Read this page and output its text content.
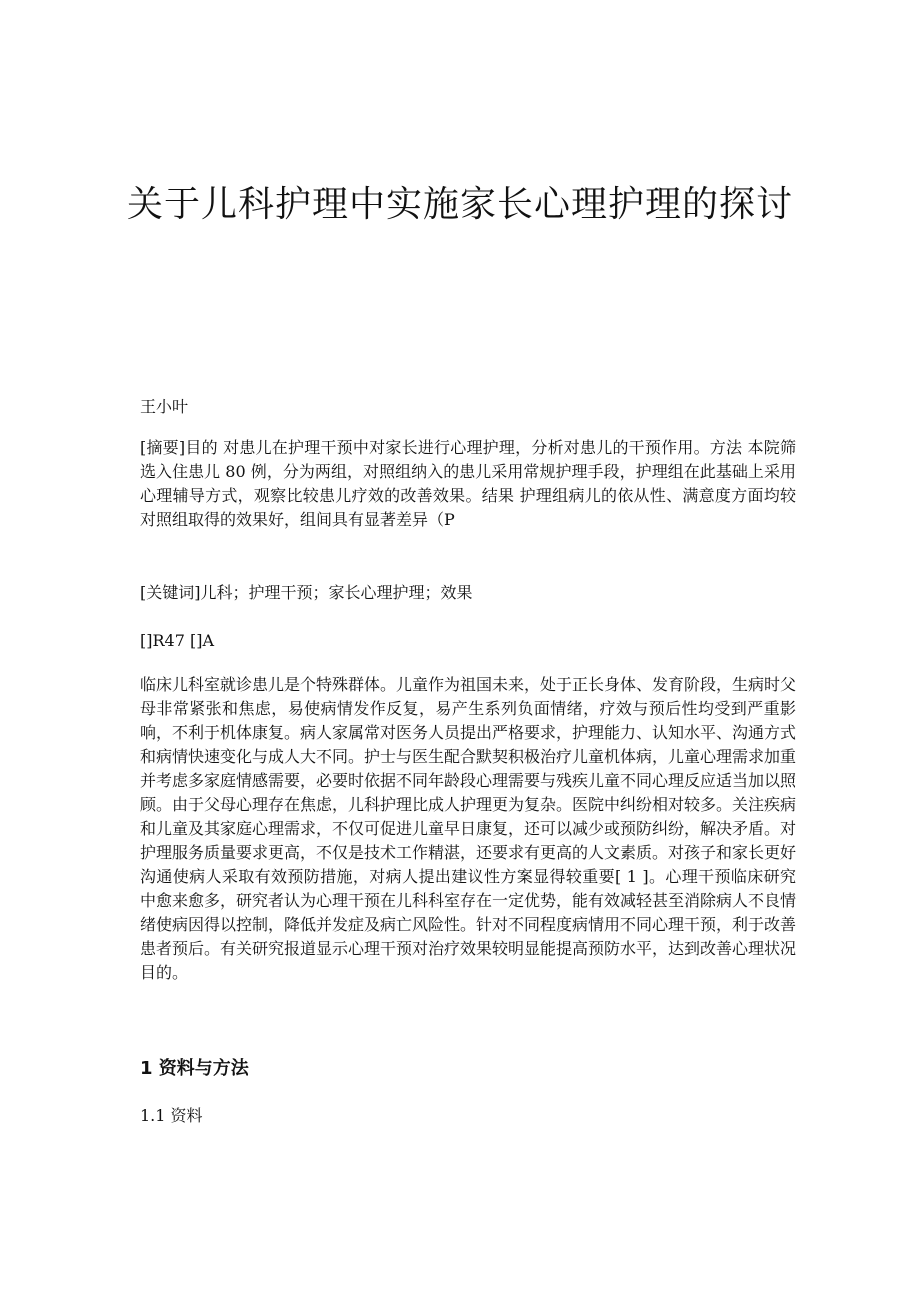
关于儿科护理中实施家长心理护理的探讨

王小叶

[摘要]目的 对患儿在护理干预中对家长进行心理护理，分析对患儿的干预作用。方法 本院筛选入住患儿 80 例，分为两组，对照组纳入的患儿采用常规护理手段，护理组在此基础上采用心理辅导方式，观察比较患儿疗效的改善效果。结果 护理组病儿的依从性、满意度方面均较对照组取得的效果好，组间具有显著差异（P

[关键词]儿科；护理干预；家长心理护理；效果

[]R47 []A

临床儿科室就诊患儿是个特殊群体。儿童作为祖国未来，处于正长身体、发育阶段，生病时父母非常紧张和焦虑，易使病情发作反复，易产生系列负面情绪，疗效与预后性均受到严重影响，不利于机体康复。病人家属常对医务人员提出严格要求，护理能力、认知水平、沟通方式和病情快速变化与成人大不同。护士与医生配合默契积极治疗儿童机体病，儿童心理需求加重并考虑多家庭情感需要，必要时依据不同年龄段心理需要与残疾儿童不同心理反应适当加以照顾。由于父母心理存在焦虑，儿科护理比成人护理更为复杂。医院中纠纷相对较多。关注疾病和儿童及其家庭心理需求，不仅可促进儿童早日康复，还可以减少或预防纠纷，解决矛盾。对护理服务质量要求更高，不仅是技术工作精湛，还要求有更高的人文素质。对孩子和家长更好沟通使病人采取有效预防措施，对病人提出建议性方案显得较重要[ 1 ]。心理干预临床研究中愈来愈多，研究者认为心理干预在儿科科室存在一定优势，能有效减轻甚至消除病人不良情绪使病因得以控制，降低并发症及病亡风险性。针对不同程度病情用不同心理干预，利于改善患者预后。有关研究报道显示心理干预对治疗效果较明显能提高预防水平，达到改善心理状况目的。

1 资料与方法

1.1 资料
